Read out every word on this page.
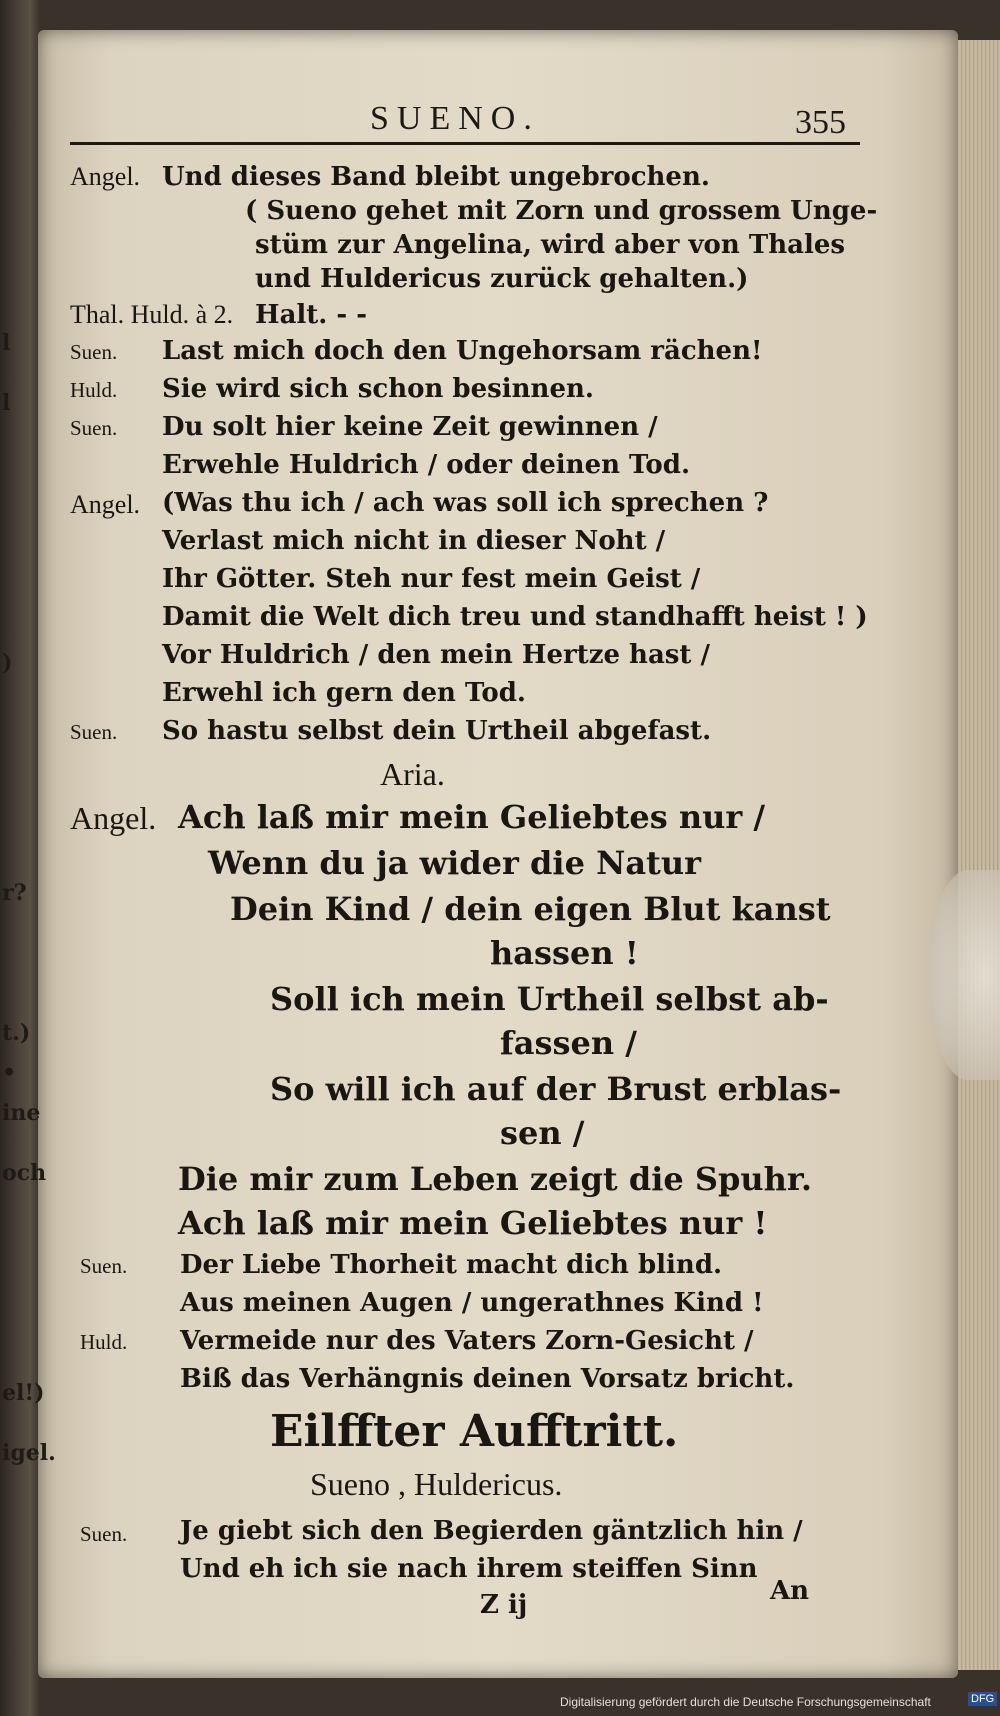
l
l
)
r?
t.)
•
ine
och
el!)
igel.
SUENO.	355
Angel. Und dieses Band bleibt ungebrochen.
( Sueno gehet mit Zorn und grossem Unge-
stüm zur Angelina, wird aber von Thales
und Huldericus zurück gehalten.)
Thal. Huld. à 2. Halt. - -
Suen. Last mich doch den Ungehorsam rächen!
Huld. Sie wird sich schon besinnen.
Suen. Du solt hier keine Zeit gewinnen /
Erwehle Huldrich / oder deinen Tod.
Angel. (Was thu ich / ach was soll ich sprechen ?
Verlast mich nicht in dieser Noht /
Ihr Götter. Steh nur fest mein Geist /
Damit die Welt dich treu und standhafft heist ! )
Vor Huldrich / den mein Hertze hast /
Erwehl ich gern den Tod.
Suen. So hastu selbst dein Urtheil abgefast.
Aria.
Angel. Ach laß mir mein Geliebtes nur /
Wenn du ja wider die Natur
Dein Kind / dein eigen Blut kanst
hassen !
Soll ich mein Urtheil selbst ab-
fassen /
So will ich auf der Brust erblas-
sen /
Die mir zum Leben zeigt die Spuhr.
Ach laß mir mein Geliebtes nur !
Suen. Der Liebe Thorheit macht dich blind.
Aus meinen Augen / ungerathnes Kind !
Huld. Vermeide nur des Vaters Zorn-Gesicht /
Biß das Verhängnis deinen Vorsatz bricht.
Eilffter Aufftritt.
Sueno , Huldericus.
Suen. Je giebt sich den Begierden gäntzlich hin /
Und eh ich sie nach ihrem steiffen Sinn
Z ij	An
Digitalisierung gefördert durch die Deutsche Forschungsgemeinschaft	DFG
